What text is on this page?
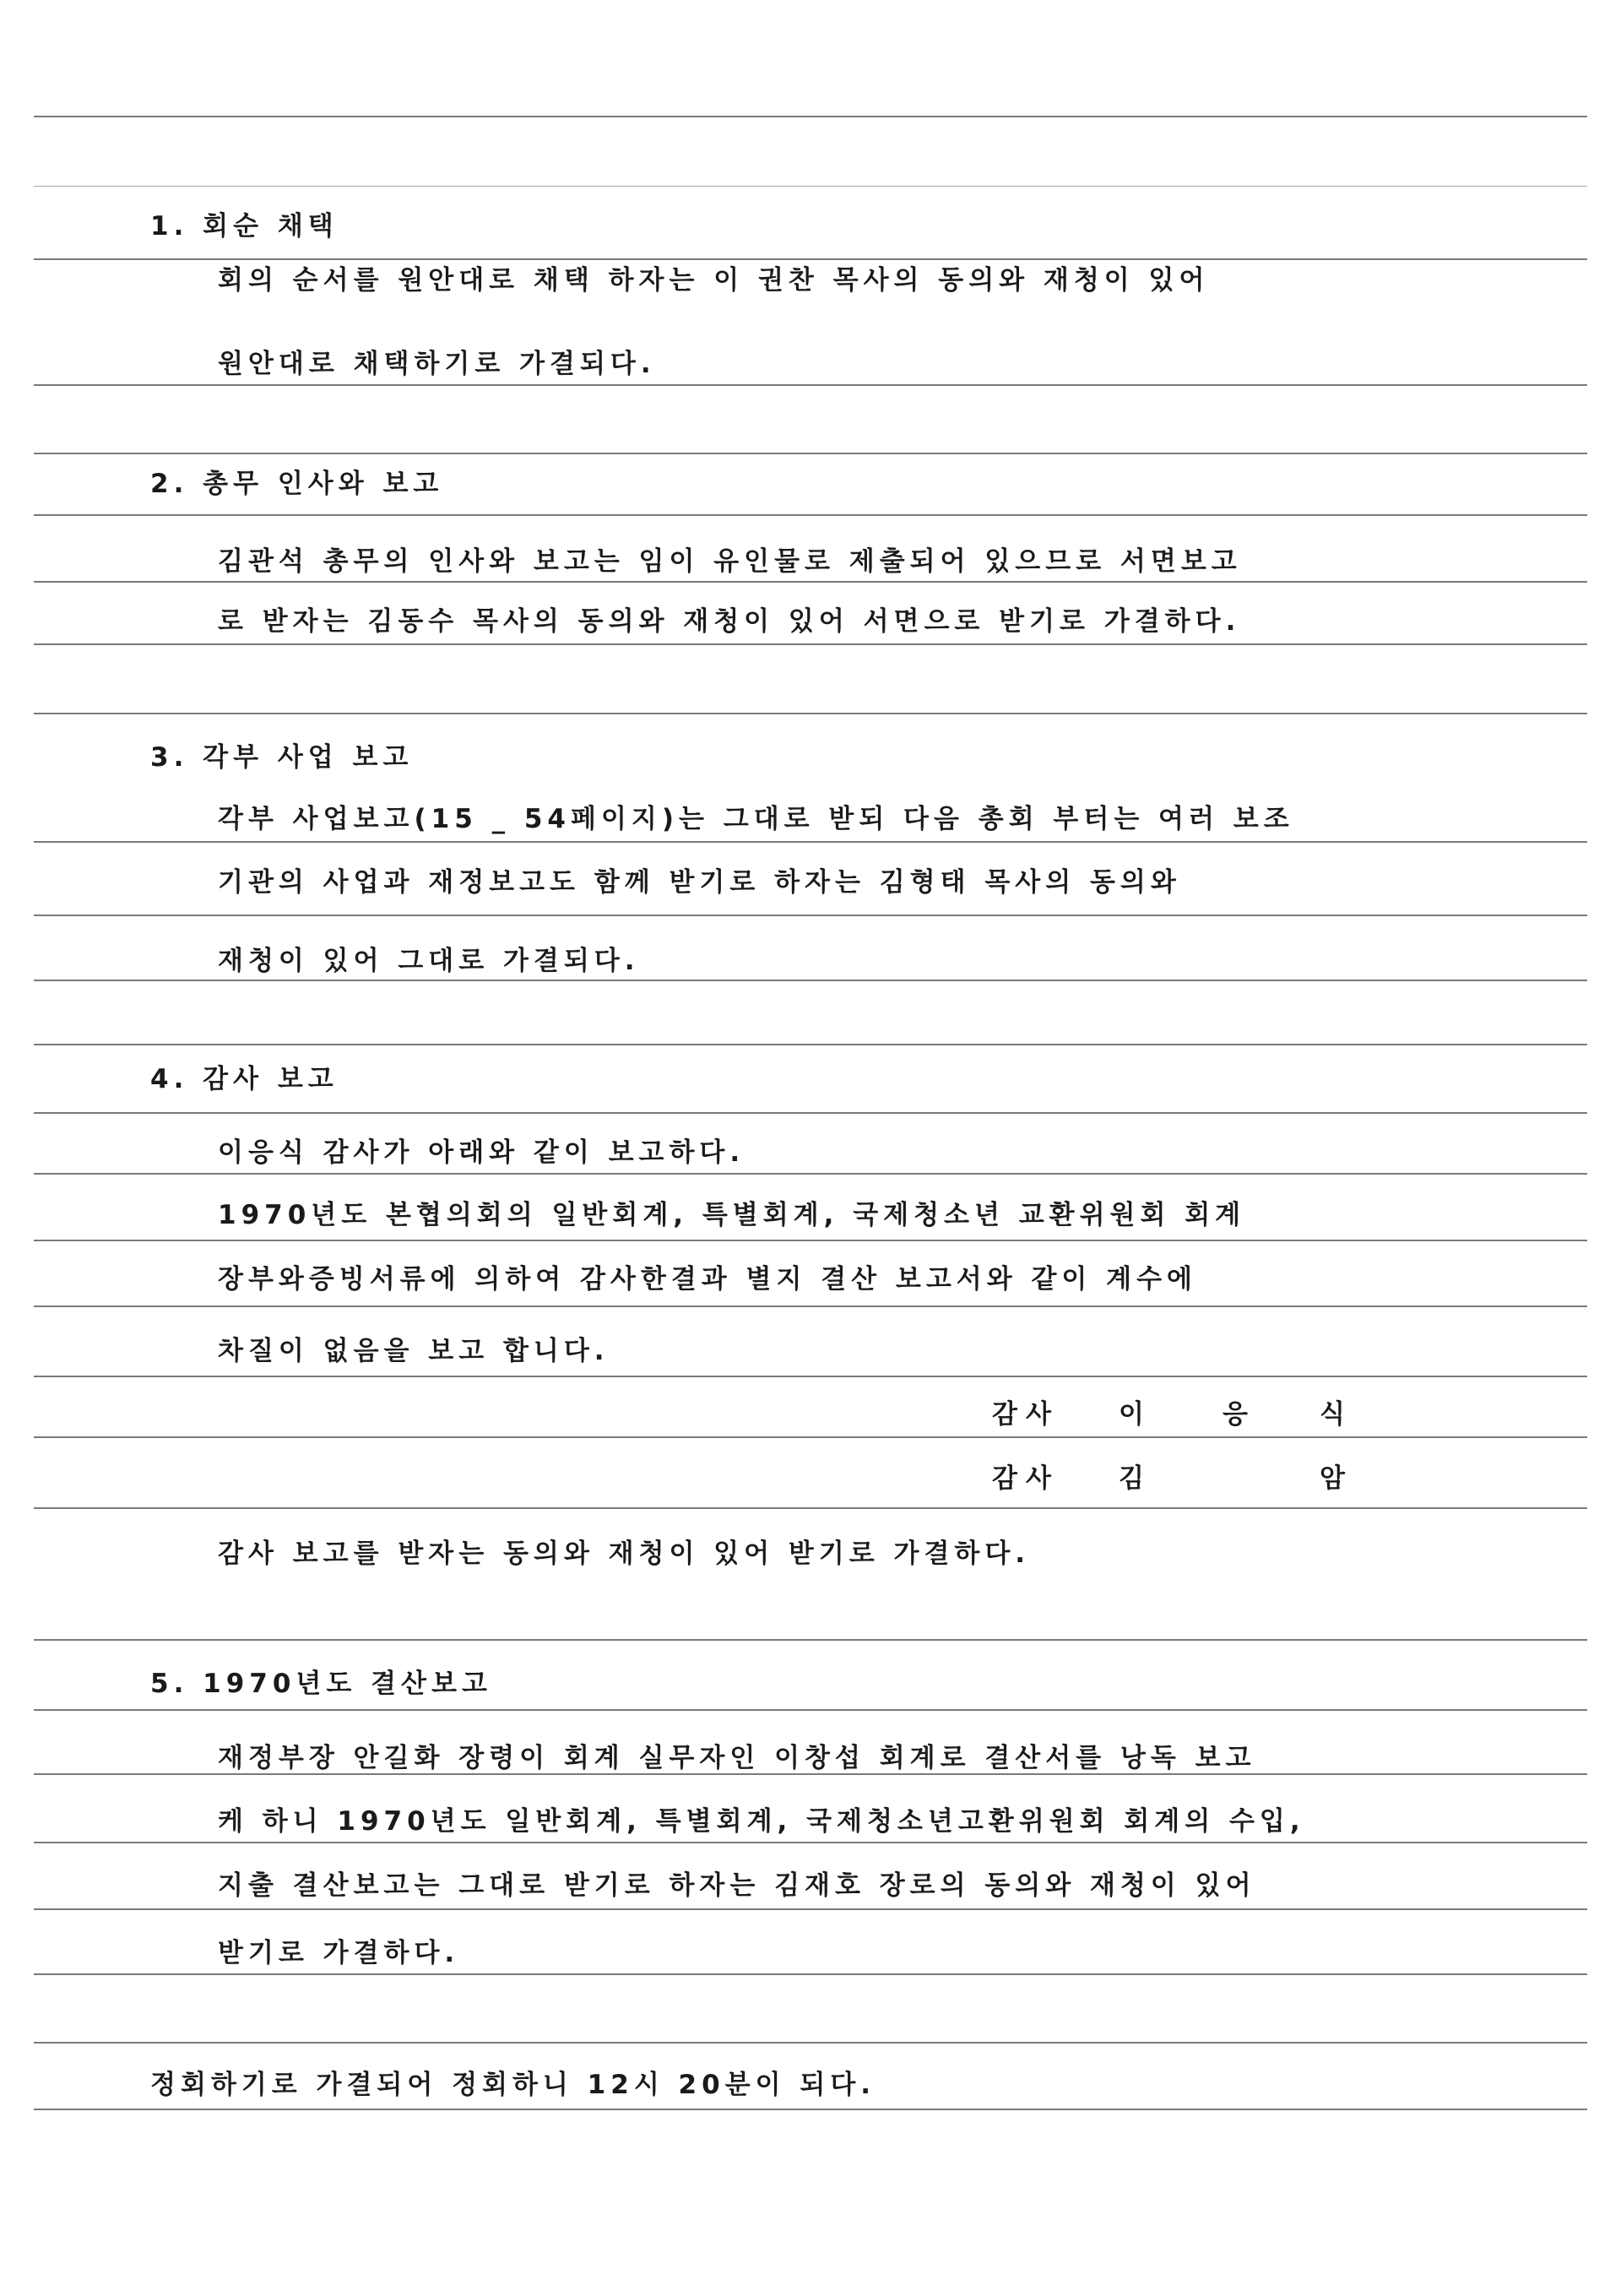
1. 회순 채택
회의 순서를 원안대로 채택 하자는 이 권찬 목사의 동의와 재청이 있어
원안대로 채택하기로 가결되다.
2. 총무 인사와 보고
김관석 총무의 인사와 보고는 임이 유인물로 제출되어 있으므로 서면보고
로 받자는 김동수 목사의 동의와 재청이 있어 서면으로 받기로 가결하다.
3. 각부 사업 보고
각부 사업보고(15 _ 54페이지)는 그대로 받되 다음 총회 부터는 여러 보조
기관의 사업과 재정보고도 함께 받기로 하자는 김형태 목사의 동의와
재청이 있어 그대로 가결되다.
4. 감사 보고
이응식 감사가 아래와 같이 보고하다.
1970년도 본협의회의 일반회계, 특별회계, 국제청소년 교환위원회 회계
장부와증빙서류에 의하여 감사한결과 별지 결산 보고서와 같이 계수에
차질이 없음을 보고 합니다.
감사 이	응	식
감사 김	암
감사 보고를 받자는 동의와 재청이 있어 받기로 가결하다.
5. 1970년도 결산보고
재정부장 안길화 장령이 회계 실무자인 이창섭 회계로 결산서를 낭독 보고
케 하니 1970년도 일반회계, 특별회계, 국제청소년고환위원회 회계의 수입,
지출 결산보고는 그대로 받기로 하자는 김재호 장로의 동의와 재청이 있어
받기로 가결하다.
정회하기로 가결되어 정회하니 12시 20분이 되다.
